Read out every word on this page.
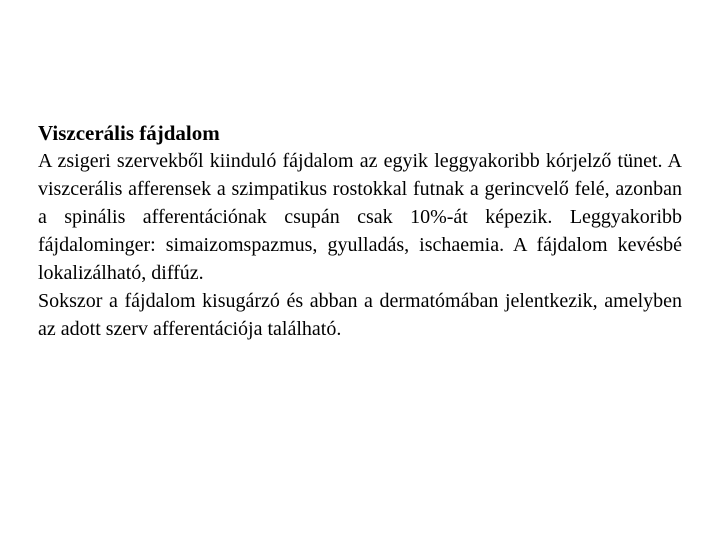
Viszcerális fájdalom

A zsigeri szervekből kiinduló fájdalom az egyik leggyakoribb kórjelző tünet. A viszcerális afferensek a szimpatikus rostokkal futnak a gerincvelő felé, azonban a spinális afferentációnak csupán csak 10%-át képezik. Leggyakoribb fájdalominger: simaizomspazmus, gyulladás, ischaemia. A fájdalom kevésbé lokalizálható, diffúz.

Sokszor a fájdalom kisugárzó és abban a dermatómában jelentkezik, amelyben az adott szerv afferentációja található.
